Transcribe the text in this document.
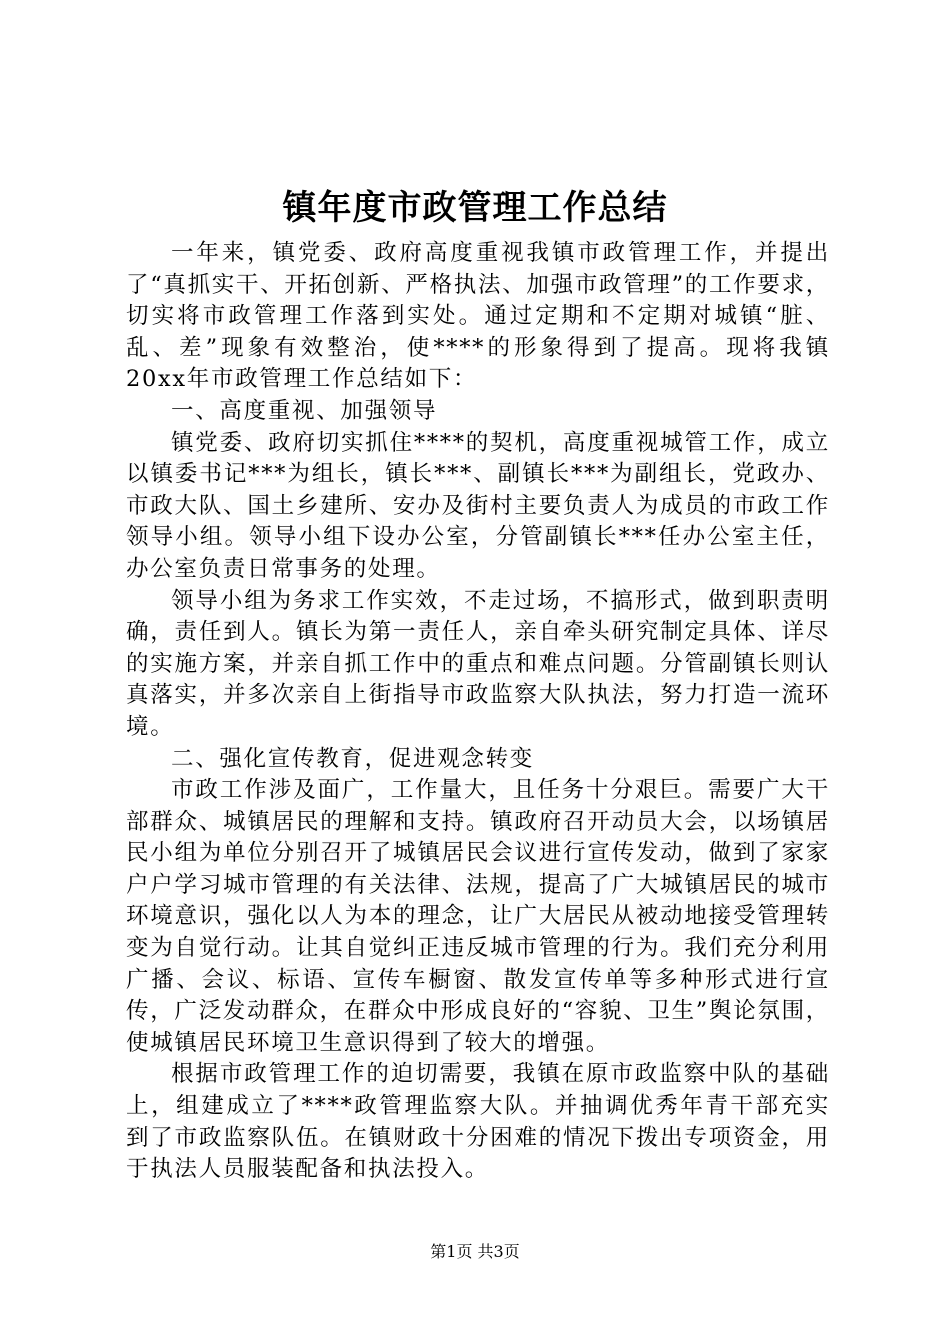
镇年度市政管理工作总结

一年来，镇党委、政府高度重视我镇市政管理工作，并提出了“真抓实干、开拓创新、严格执法、加强市政管理”的工作要求，切实将市政管理工作落到实处。通过定期和不定期对城镇“脏、乱、差”现象有效整治，使****的形象得到了提高。现将我镇20xx年市政管理工作总结如下：

一、高度重视、加强领导

镇党委、政府切实抓住****的契机，高度重视城管工作，成立以镇委书记***为组长，镇长***、副镇长***为副组长，党政办、市政大队、国土乡建所、安办及街村主要负责人为成员的市政工作领导小组。领导小组下设办公室，分管副镇长***任办公室主任，办公室负责日常事务的处理。

领导小组为务求工作实效，不走过场，不搞形式，做到职责明确，责任到人。镇长为第一责任人，亲自牵头研究制定具体、详尽的实施方案，并亲自抓工作中的重点和难点问题。分管副镇长则认真落实，并多次亲自上街指导市政监察大队执法，努力打造一流环境。

二、强化宣传教育，促进观念转变

市政工作涉及面广，工作量大，且任务十分艰巨。需要广大干部群众、城镇居民的理解和支持。镇政府召开动员大会，以场镇居民小组为单位分别召开了城镇居民会议进行宣传发动，做到了家家户户学习城市管理的有关法律、法规，提高了广大城镇居民的城市环境意识，强化以人为本的理念，让广大居民从被动地接受管理转变为自觉行动。让其自觉纠正违反城市管理的行为。我们充分利用广播、会议、标语、宣传车橱窗、散发宣传单等多种形式进行宣传，广泛发动群众，在群众中形成良好的“容貌、卫生”舆论氛围，使城镇居民环境卫生意识得到了较大的增强。

根据市政管理工作的迫切需要，我镇在原市政监察中队的基础上，组建成立了****政管理监察大队。并抽调优秀年青干部充实到了市政监察队伍。在镇财政十分困难的情况下拨出专项资金，用于执法人员服装配备和执法投入。

第1页 共3页
